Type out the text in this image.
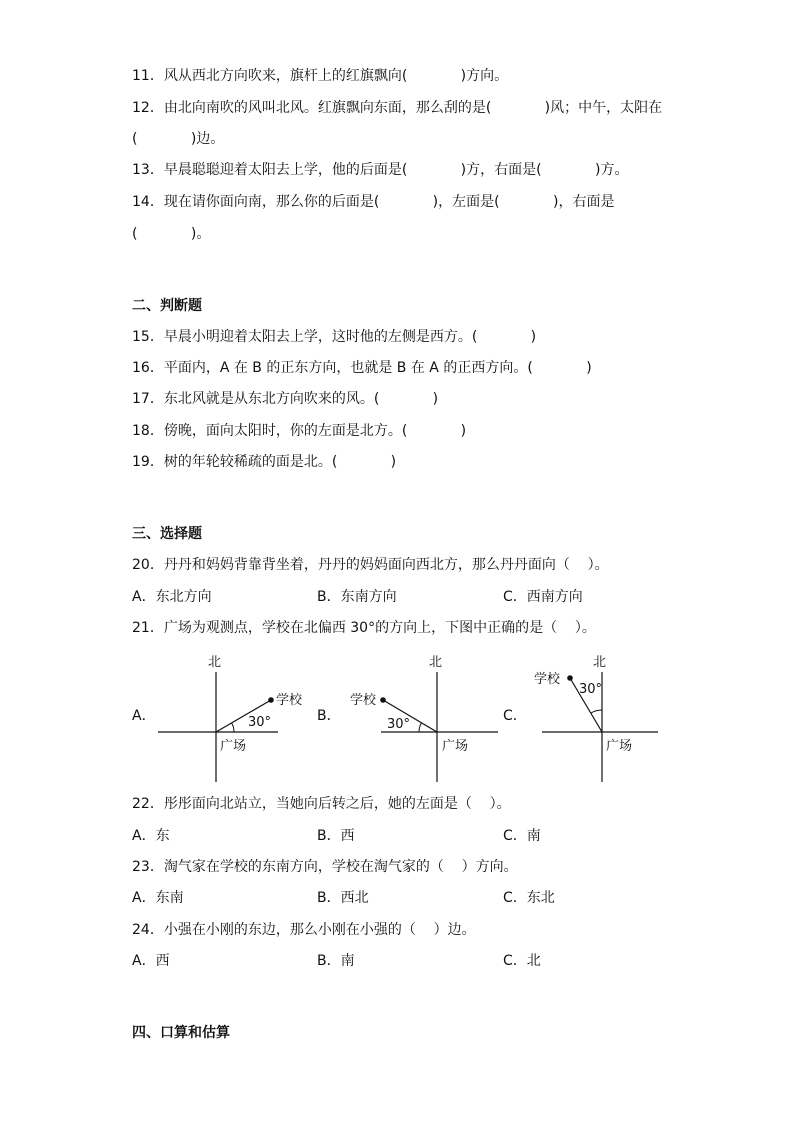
11．风从西北方向吹来，旗杆上的红旗飘向(            )方向。
12．由北向南吹的风叫北风。红旗飘向东面，那么刮的是(            )风；中午，太阳在
(            )边。
13．早晨聪聪迎着太阳去上学，他的后面是(            )方，右面是(            )方。
14．现在请你面向南，那么你的后面是(            )，左面是(            )，右面是
(            )。
二、判断题
15．早晨小明迎着太阳去上学，这时他的左侧是西方。(            )
16．平面内，A 在 B 的正东方向，也就是 B 在 A 的正西方向。(            )
17．东北风就是从东北方向吹来的风。(            )
18．傍晚，面向太阳时，你的左面是北方。(            )
19．树的年轮较稀疏的面是北。(            )
三、选择题
20．丹丹和妈妈背靠背坐着，丹丹的妈妈面向西北方，那么丹丹面向（    ）。
A．东北方向	B．东南方向	C．西南方向
21．广场为观测点，学校在北偏西 30°的方向上，下图中正确的是（    ）。
A．	B．	C．
北
学校
30°
广场
北
学校
30°
广场
北
学校
30°
广场
22．彤彤面向北站立，当她向后转之后，她的左面是（    ）。
A．东	B．西	C．南
23．淘气家在学校的东南方向，学校在淘气家的（    ）方向。
A．东南	B．西北	C．东北
24．小强在小刚的东边，那么小刚在小强的（    ）边。
A．西	B．南	C．北
四、口算和估算
